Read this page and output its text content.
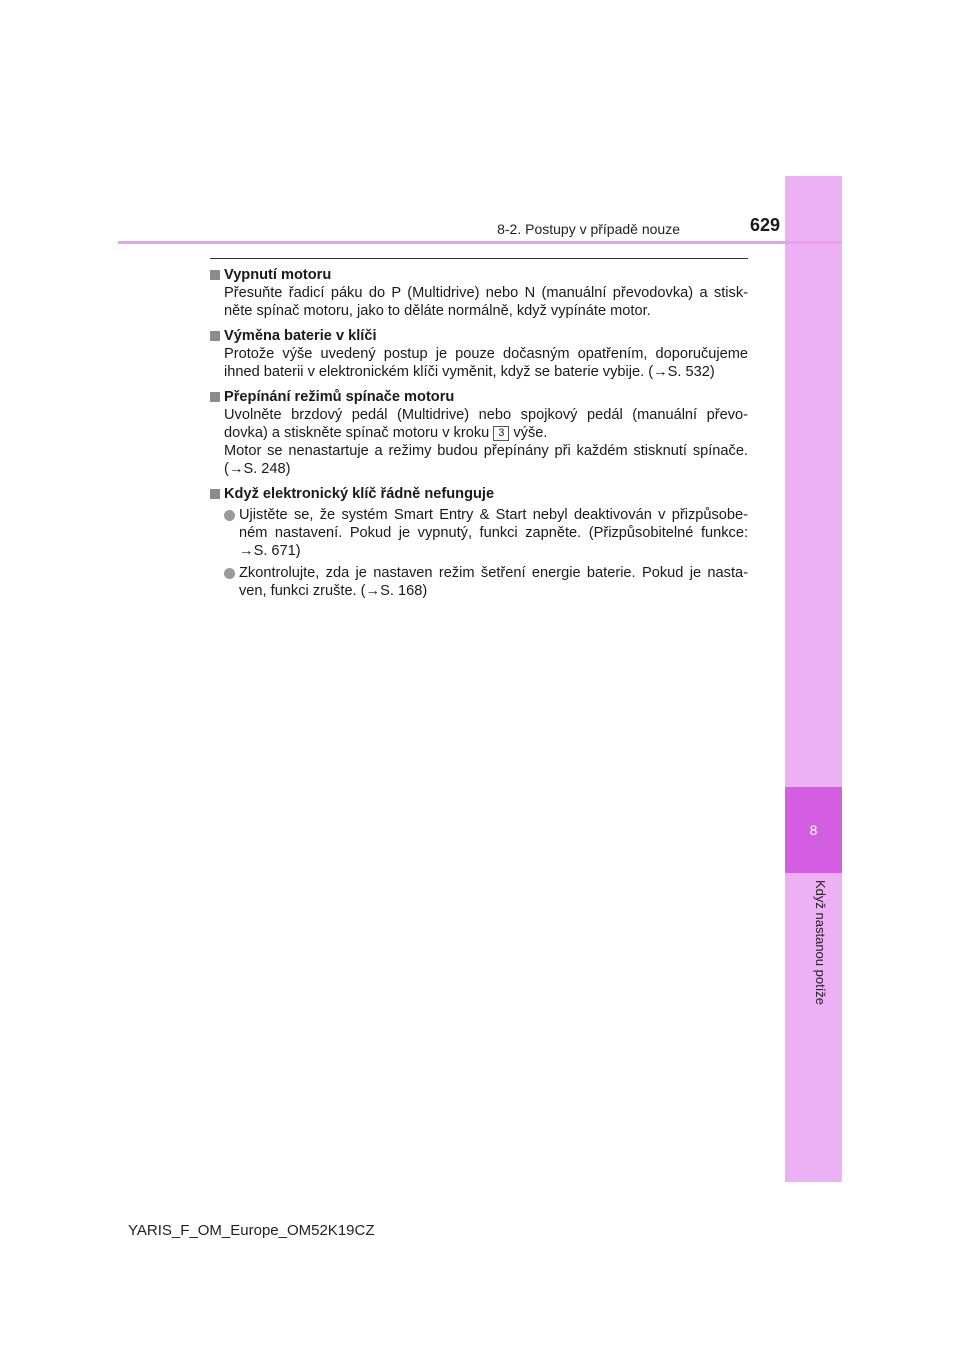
8
Když nastanou potíže
8-2. Postupy v případě nouze	629
Vypnutí motoru
Přesuňte řadicí páku do P (Multidrive) nebo N (manuální převodovka) a stisk-něte spínač motoru, jako to děláte normálně, když vypínáte motor.
Výměna baterie v klíči
Protože výše uvedený postup je pouze dočasným opatřením, doporučujeme ihned baterii v elektronickém klíči vyměnit, když se baterie vybije. (→S. 532)
Přepínání režimů spínače motoru
Uvolněte brzdový pedál (Multidrive) nebo spojkový pedál (manuální převo-dovka) a stiskněte spínač motoru v kroku 3 výše.
Motor se nenastartuje a režimy budou přepínány při každém stisknutí spínače. (→S. 248)
Když elektronický klíč řádně nefunguje
Ujistěte se, že systém Smart Entry & Start nebyl deaktivován v přizpůsobe-ném nastavení. Pokud je vypnutý, funkci zapněte. (Přizpůsobitelné funkce: →S. 671)
Zkontrolujte, zda je nastaven režim šetření energie baterie. Pokud je nasta-ven, funkci zrušte. (→S. 168)
YARIS_F_OM_Europe_OM52K19CZ
